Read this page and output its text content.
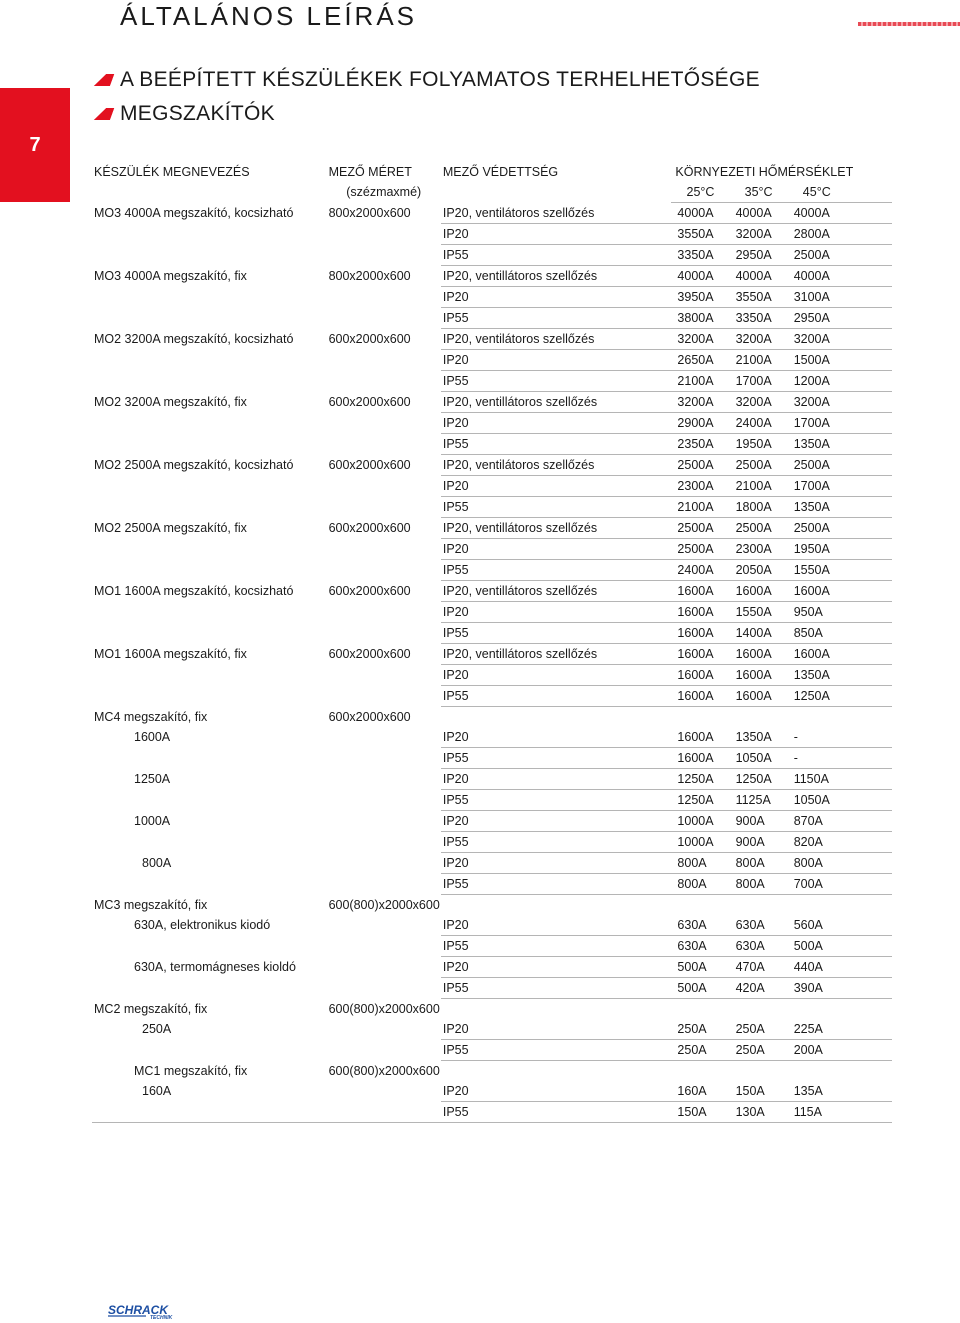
ÁLTALÁNOS LEÍRÁS
7
A BEÉPÍTETT KÉSZÜLÉKEK FOLYAMATOS TERHELHETŐSÉGE
MEGSZAKÍTÓK
KÉSZÜLÉK MEGNEVEZÉS	MEZŐ MÉRET	MEZŐ VÉDETTSÉG	KÖRNYEZETI HŐMÉRSÉKLET			
	(szézmaxmé)		25°C	35°C	45°C	
MO3 4000A megszakító, kocsizható	800x2000x600	IP20, ventilátoros szellőzés	4000A	4000A	4000A	
		IP20	3550A	3200A	2800A	
		IP55	3350A	2950A	2500A	
MO3 4000A megszakító, fix	800x2000x600	IP20, ventillátoros szellőzés	4000A	4000A	4000A	
		IP20	3950A	3550A	3100A	
		IP55	3800A	3350A	2950A	
MO2 3200A megszakító, kocsizható	600x2000x600	IP20, ventilátoros szellőzés	3200A	3200A	3200A	
		IP20	2650A	2100A	1500A	
		IP55	2100A	1700A	1200A	
MO2 3200A megszakító, fix	600x2000x600	IP20, ventillátoros szellőzés	3200A	3200A	3200A	
		IP20	2900A	2400A	1700A	
		IP55	2350A	1950A	1350A	
MO2 2500A megszakító, kocsizható	600x2000x600	IP20, ventilátoros szellőzés	2500A	2500A	2500A	
		IP20	2300A	2100A	1700A	
		IP55	2100A	1800A	1350A	
MO2 2500A megszakító, fix	600x2000x600	IP20, ventillátoros szellőzés	2500A	2500A	2500A	
		IP20	2500A	2300A	1950A	
		IP55	2400A	2050A	1550A	
MO1 1600A megszakító, kocsizható	600x2000x600	IP20, ventillátoros szellőzés	1600A	1600A	1600A	
		IP20	1600A	1550A	950A	
		IP55	1600A	1400A	850A	
MO1 1600A megszakító, fix	600x2000x600	IP20, ventillátoros szellőzés	1600A	1600A	1600A	
		IP20	1600A	1600A	1350A	
		IP55	1600A	1600A	1250A	
MC4 megszakító, fix	600x2000x600					
1600A		IP20	1600A	1350A	-	
		IP55	1600A	1050A	-	
1250A		IP20	1250A	1250A	1150A	
		IP55	1250A	1125A	1050A	
1000A		IP20	1000A	900A	870A	
		IP55	1000A	900A	820A	
800A		IP20	800A	800A	800A	
		IP55	800A	800A	700A	
MC3 megszakító, fix	600(800)x2000x600					
630A, elektronikus kiodó		IP20	630A	630A	560A	
		IP55	630A	630A	500A	
630A, termomágneses kioldó		IP20	500A	470A	440A	
		IP55	500A	420A	390A	
MC2 megszakító, fix	600(800)x2000x600					
250A		IP20	250A	250A	225A	
		IP55	250A	250A	200A	
MC1 megszakító, fix	600(800)x2000x600					
160A		IP20	160A	150A	135A	
		IP55	150A	130A	115A	
SCHRACK
TECHNIK
